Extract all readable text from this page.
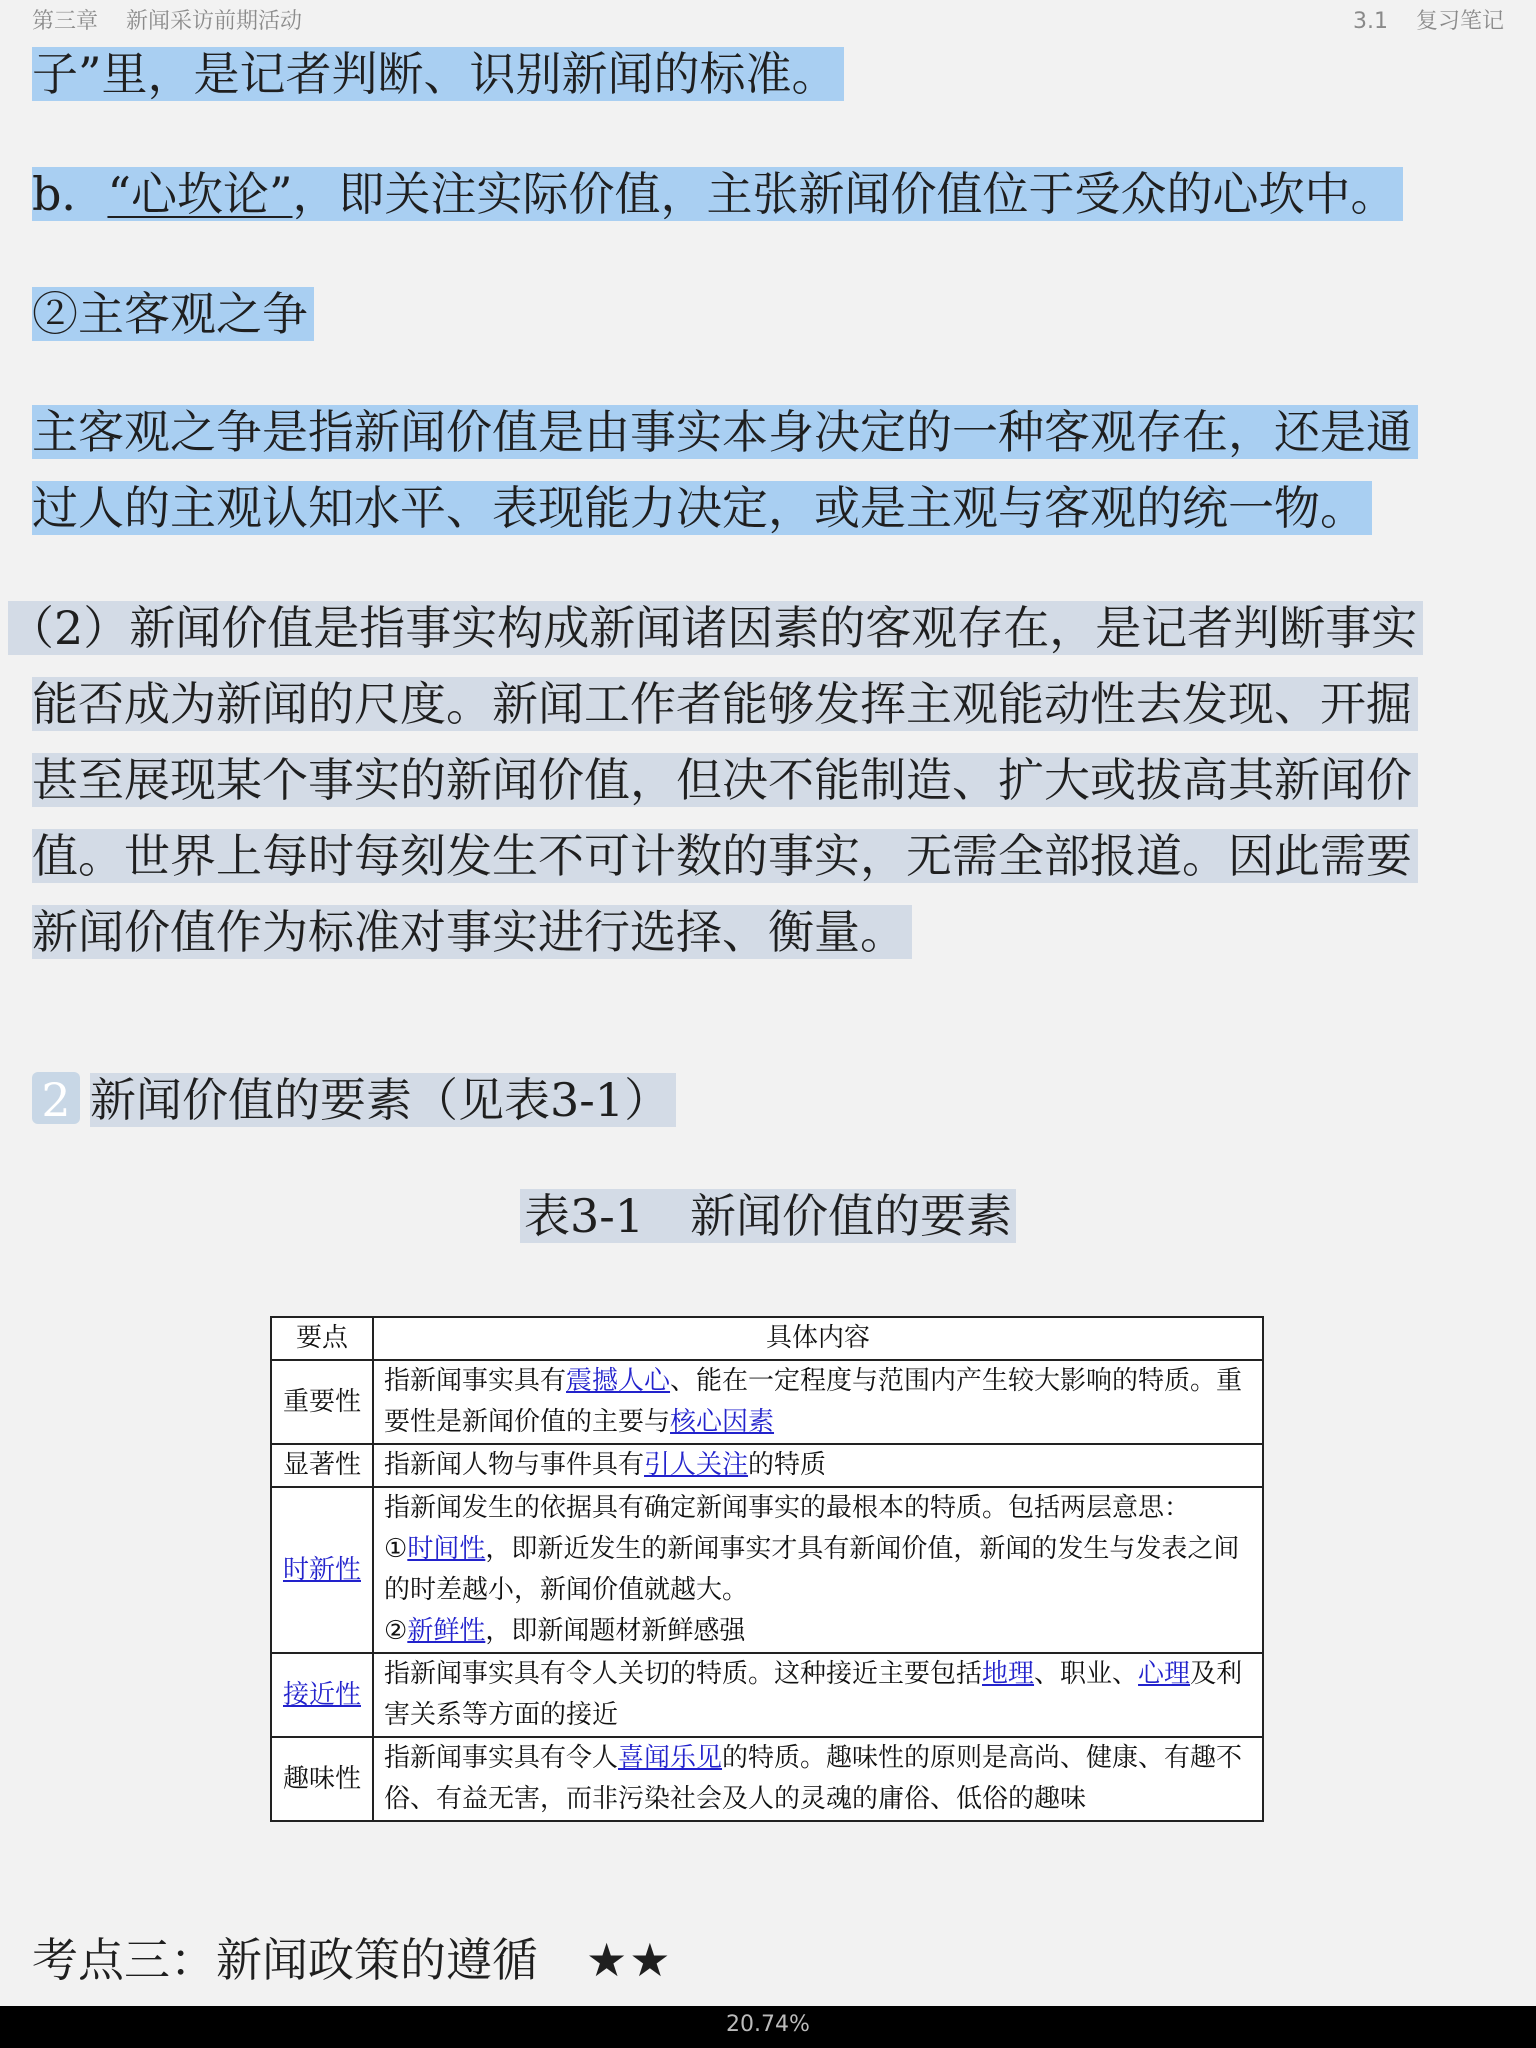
第三章 新闻采访前期活动	3.1 复习笔记
子”里，是记者判断、识别新闻的标准。
b．“心坎论”，即关注实际价值，主张新闻价值位于受众的心坎中。
②主客观之争
主客观之争是指新闻价值是由事实本身决定的一种客观存在，还是通
过人的主观认知水平、表现能力决定，或是主观与客观的统一物。
（2）新闻价值是指事实构成新闻诸因素的客观存在，是记者判断事实
能否成为新闻的尺度。新闻工作者能够发挥主观能动性去发现、开掘
甚至展现某个事实的新闻价值，但决不能制造、扩大或拔高其新闻价
值。世界上每时每刻发生不可计数的事实，无需全部报道。因此需要
新闻价值作为标准对事实进行选择、衡量。
2 新闻价值的要素（见表3-1）
表3-1　新闻价值的要素
要点	具体内容
重要性	指新闻事实具有震撼人心、能在一定程度与范围内产生较大影响的特质。重要性是新闻价值的主要与核心因素
显著性	指新闻人物与事件具有引人关注的特质
时新性	指新闻发生的依据具有确定新闻事实的最根本的特质。包括两层意思：
①时间性，即新近发生的新闻事实才具有新闻价值，新闻的发生与发表之间的时差越小，新闻价值就越大。
②新鲜性，即新闻题材新鲜感强
接近性	指新闻事实具有令人关切的特质。这种接近主要包括地理、职业、心理及利害关系等方面的接近
趣味性	指新闻事实具有令人喜闻乐见的特质。趣味性的原则是高尚、健康、有趣不俗、有益无害，而非污染社会及人的灵魂的庸俗、低俗的趣味
考点三：新闻政策的遵循 ★★
20.74%
